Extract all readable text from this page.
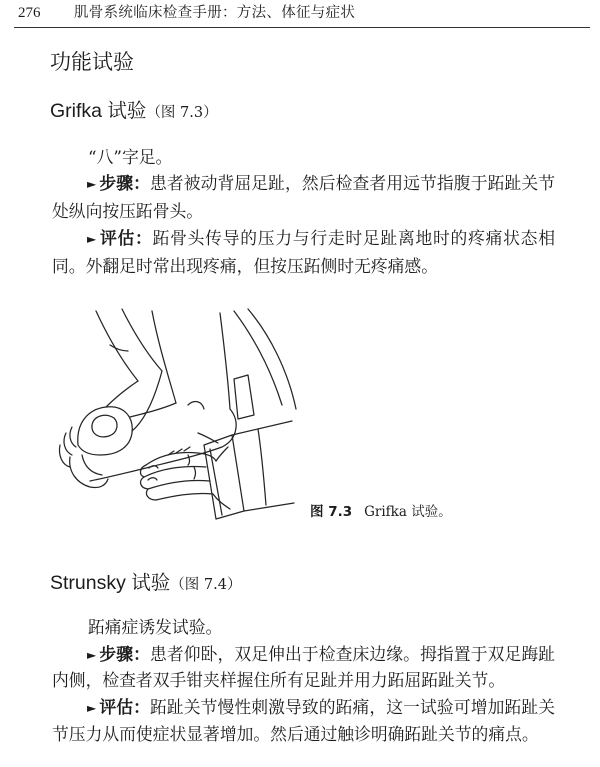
276 肌骨系统临床检查手册：方法、体征与症状
功能试验
Grifka 试验（图 7.3）
“八”字足。
► 步骤：患者被动背屈足趾，然后检查者用远节指腹于跖趾关节
处纵向按压跖骨头。
► 评估：跖骨头传导的压力与行走时足趾离地时的疼痛状态相
同。外翻足时常出现疼痛，但按压跖侧时无疼痛感。
图 7.3 Grifka 试验。
Strunsky 试验（图 7.4）
跖痛症诱发试验。
► 步骤：患者仰卧，双足伸出于检查床边缘。拇指置于双足踇趾
内侧，检查者双手钳夹样握住所有足趾并用力跖屈跖趾关节。
► 评估：跖趾关节慢性刺激导致的跖痛，这一试验可增加跖趾关
节压力从而使症状显著增加。然后通过触诊明确跖趾关节的痛点。
